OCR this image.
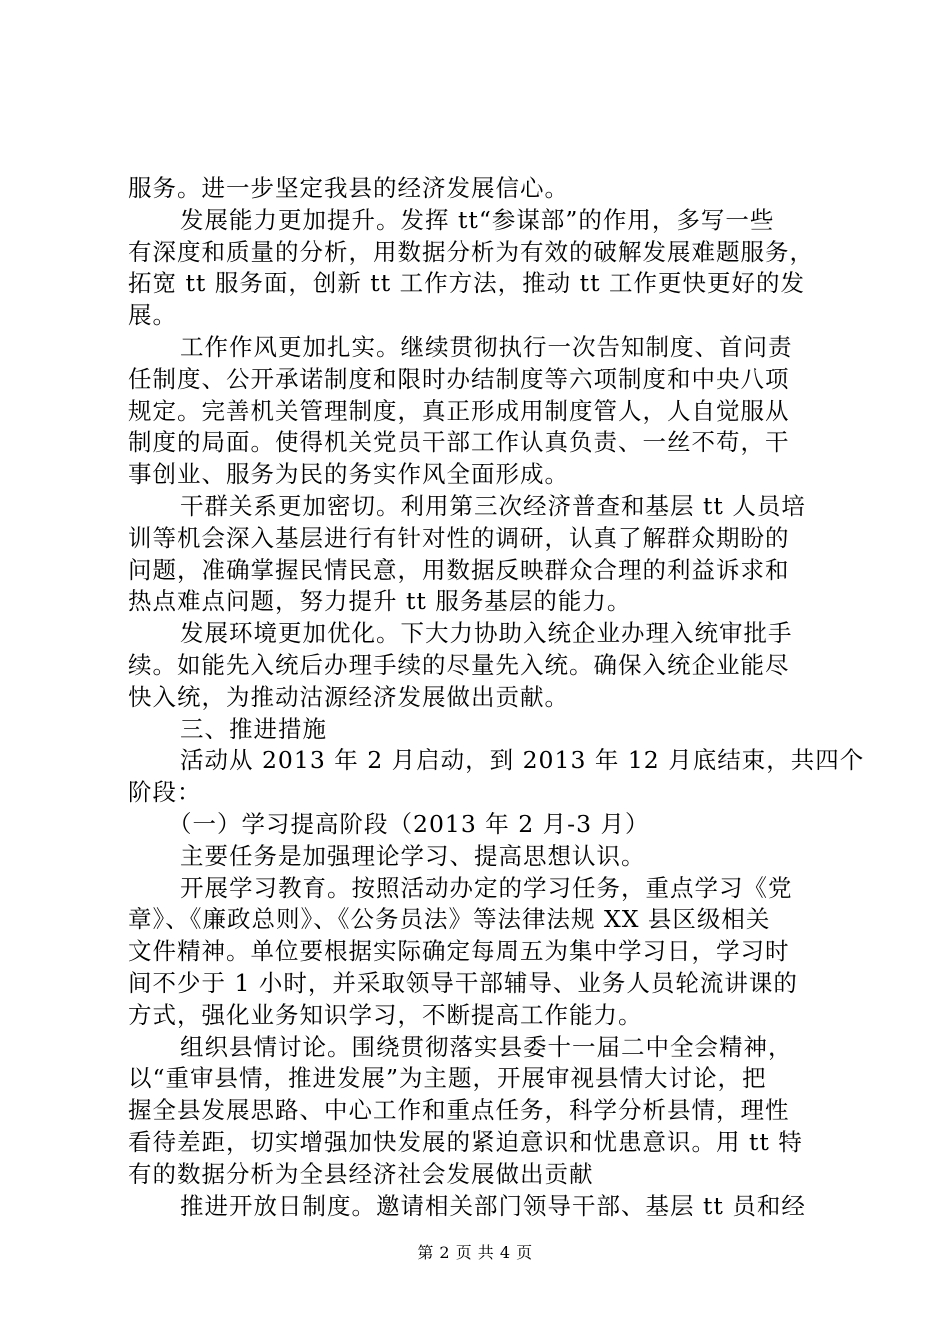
服务。进一步坚定我县的经济发展信心。
发展能力更加提升。发挥 tt“参谋部”的作用，多写一些
有深度和质量的分析，用数据分析为有效的破解发展难题服务，
拓宽 tt 服务面，创新 tt 工作方法，推动 tt 工作更快更好的发
展。
工作作风更加扎实。继续贯彻执行一次告知制度、首问责
任制度、公开承诺制度和限时办结制度等六项制度和中央八项
规定。完善机关管理制度，真正形成用制度管人，人自觉服从
制度的局面。使得机关党员干部工作认真负责、一丝不苟，干
事创业、服务为民的务实作风全面形成。
干群关系更加密切。利用第三次经济普查和基层 tt 人员培
训等机会深入基层进行有针对性的调研，认真了解群众期盼的
问题，准确掌握民情民意，用数据反映群众合理的利益诉求和
热点难点问题，努力提升 tt 服务基层的能力。
发展环境更加优化。下大力协助入统企业办理入统审批手
续。如能先入统后办理手续的尽量先入统。确保入统企业能尽
快入统，为推动沽源经济发展做出贡献。
三、推进措施
活动从 2013 年 2 月启动，到 2013 年 12 月底结束，共四个
阶段：
（一）学习提高阶段（2013 年 2 月-3 月）
主要任务是加强理论学习、提高思想认识。
开展学习教育。按照活动办定的学习任务，重点学习《党
章》、《廉政总则》、《公务员法》等法律法规 XX 县区级相关
文件精神。单位要根据实际确定每周五为集中学习日，学习时
间不少于 1 小时，并采取领导干部辅导、业务人员轮流讲课的
方式，强化业务知识学习，不断提高工作能力。
组织县情讨论。围绕贯彻落实县委十一届二中全会精神，
以“重审县情，推进发展”为主题，开展审视县情大讨论，把
握全县发展思路、中心工作和重点任务，科学分析县情，理性
看待差距，切实增强加快发展的紧迫意识和忧患意识。用 tt 特
有的数据分析为全县经济社会发展做出贡献
推进开放日制度。邀请相关部门领导干部、基层 tt 员和经
第 2 页 共 4 页
